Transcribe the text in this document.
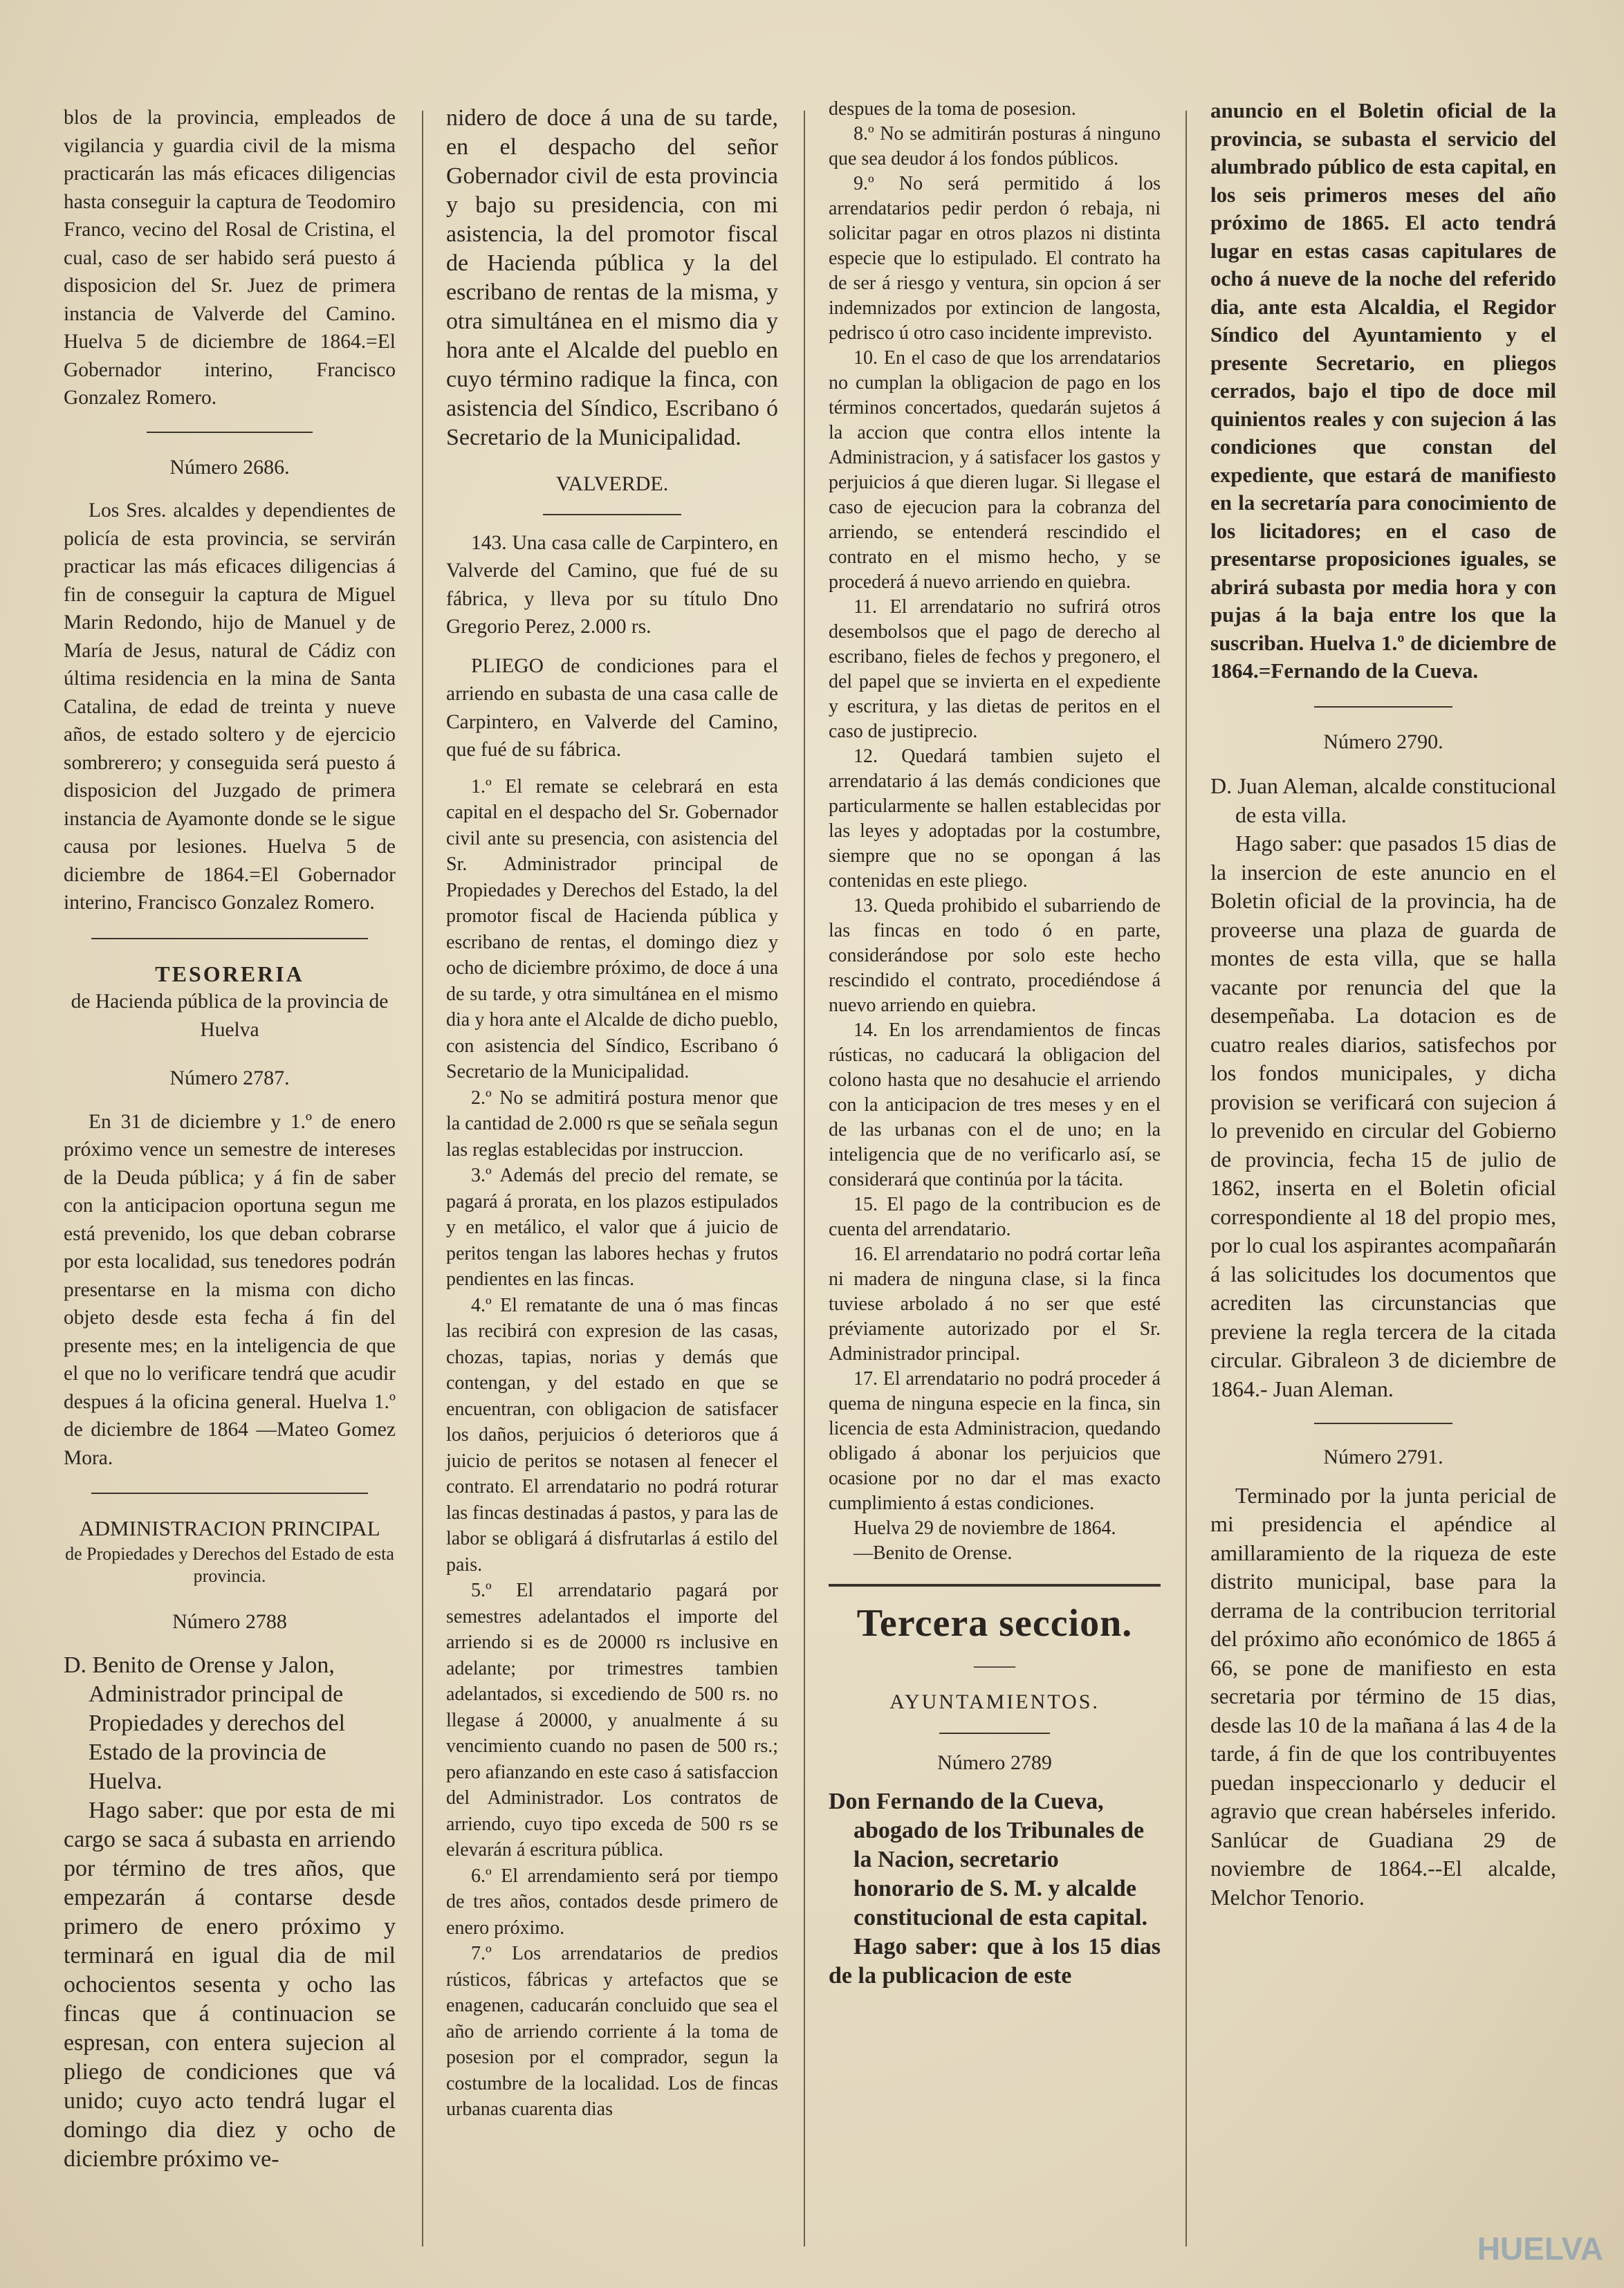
blos de la provincia, empleados de vigilancia y guardia civil de la misma practicarán las más eficaces diligencias hasta conseguir la captura de Teodomiro Franco, vecino del Rosal de Cristina, el cual, caso de ser habido será puesto á disposicion del Sr. Juez de primera instancia de Valverde del Camino. Huelva 5 de diciembre de 1864.=El Gobernador interino, Francisco Gonzalez Romero.

Número 2686.

Los Sres. alcaldes y dependientes de policía de esta provincia, se servirán practicar las más eficaces diligencias á fin de conseguir la captura de Miguel Marin Redondo, hijo de Manuel y de María de Jesus, natural de Cádiz con última residencia en la mina de Santa Catalina, de edad de treinta y nueve años, de estado soltero y de ejercicio sombrerero; y conseguida será puesto á disposicion del Juzgado de primera instancia de Ayamonte donde se le sigue causa por lesiones. Huelva 5 de diciembre de 1864.=El Gobernador interino, Francisco Gonzalez Romero.

TESORERIA
de Hacienda pública de la provincia de Huelva
Número 2787.

En 31 de diciembre y 1.º de enero próximo vence un semestre de intereses de la Deuda pública; y á fin de saber con la anticipacion oportuna segun me está prevenido, los que deban cobrarse por esta localidad, sus tenedores podrán presentarse en la misma con dicho objeto desde esta fecha á fin del presente mes; en la inteligencia de que el que no lo verificare tendrá que acudir despues á la oficina general. Huelva 1.º de diciembre de 1864 —Mateo Gomez Mora.

ADMINISTRACION PRINCIPAL
de Propiedades y Derechos del Estado de esta provincia.
Número 2788

D. Benito de Orense y Jalon, Administrador principal de Propiedades y derechos del Estado de la provincia de Huelva.

Hago saber: que por esta de mi cargo se saca á subasta en arriendo por término de tres años, que empezarán á contarse desde primero de enero próximo y terminará en igual dia de mil ochocientos sesenta y ocho las fincas que á continuacion se espresan, con entera sujecion al pliego de condiciones que vá unido; cuyo acto tendrá lugar el domingo dia diez y ocho de diciembre próximo ve-

nidero de doce á una de su tarde, en el despacho del señor Gobernador civil de esta provincia y bajo su presidencia, con mi asistencia, la del promotor fiscal de Hacienda pública y la del escribano de rentas de la misma, y otra simultánea en el mismo dia y hora ante el Alcalde del pueblo en cuyo término radique la finca, con asistencia del Síndico, Escribano ó Secretario de la Municipalidad.

VALVERDE.

143. Una casa calle de Carpintero, en Valverde del Camino, que fué de su fábrica, y lleva por su título Dno Gregorio Perez, 2.000 rs.

PLIEGO de condiciones para el arriendo en subasta de una casa calle de Carpintero, en Valverde del Camino, que fué de su fábrica.

1.º El remate se celebrará en esta capital en el despacho del Sr. Gobernador civil ante su presencia, con asistencia del Sr. Administrador principal de Propiedades y Derechos del Estado, la del promotor fiscal de Hacienda pública y escribano de rentas, el domingo diez y ocho de diciembre próximo, de doce á una de su tarde, y otra simultánea en el mismo dia y hora ante el Alcalde de dicho pueblo, con asistencia del Síndico, Escribano ó Secretario de la Municipalidad.

2.º No se admitirá postura menor que la cantidad de 2.000 rs que se señala segun las reglas establecidas por instruccion.

3.º Además del precio del remate, se pagará á prorata, en los plazos estipulados y en metálico, el valor que á juicio de peritos tengan las labores hechas y frutos pendientes en las fincas.

4.º El rematante de una ó mas fincas las recibirá con expresion de las casas, chozas, tapias, norias y demás que contengan, y del estado en que se encuentran, con obligacion de satisfacer los daños, perjuicios ó deterioros que á juicio de peritos se notasen al fenecer el contrato. El arrendatario no podrá roturar las fincas destinadas á pastos, y para las de labor se obligará á disfrutarlas á estilo del pais.

5.º El arrendatario pagará por semestres adelantados el importe del arriendo si es de 20000 rs inclusive en adelante; por trimestres tambien adelantados, si excediendo de 500 rs. no llegase á 20000, y anualmente á su vencimiento cuando no pasen de 500 rs.; pero afianzando en este caso á satisfaccion del Administrador. Los contratos de arriendo, cuyo tipo exceda de 500 rs se elevarán á escritura pública.

6.º El arrendamiento será por tiempo de tres años, contados desde primero de enero próximo.

7.º Los arrendatarios de predios rústicos, fábricas y artefactos que se enagenen, caducarán concluido que sea el año de arriendo corriente á la toma de posesion por el comprador, segun la costumbre de la localidad. Los de fincas urbanas cuarenta dias

despues de la toma de posesion.

8.º No se admitirán posturas á ninguno que sea deudor á los fondos públicos.

9.º No será permitido á los arrendatarios pedir perdon ó rebaja, ni solicitar pagar en otros plazos ni distinta especie que lo estipulado. El contrato ha de ser á riesgo y ventura, sin opcion á ser indemnizados por extincion de langosta, pedrisco ú otro caso incidente imprevisto.

10. En el caso de que los arrendatarios no cumplan la obligacion de pago en los términos concertados, quedarán sujetos á la accion que contra ellos intente la Administracion, y á satisfacer los gastos y perjuicios á que dieren lugar. Si llegase el caso de ejecucion para la cobranza del arriendo, se entenderá rescindido el contrato en el mismo hecho, y se procederá á nuevo arriendo en quiebra.

11. El arrendatario no sufrirá otros desembolsos que el pago de derecho al escribano, fieles de fechos y pregonero, el del papel que se invierta en el expediente y escritura, y las dietas de peritos en el caso de justiprecio.

12. Quedará tambien sujeto el arrendatario á las demás condiciones que particularmente se hallen establecidas por las leyes y adoptadas por la costumbre, siempre que no se opongan á las contenidas en este pliego.

13. Queda prohibido el subarriendo de las fincas en todo ó en parte, considerándose por solo este hecho rescindido el contrato, procediéndose á nuevo arriendo en quiebra.

14. En los arrendamientos de fincas rústicas, no caducará la obligacion del colono hasta que no desahucie el arriendo con la anticipacion de tres meses y en el de las urbanas con el de uno; en la inteligencia que de no verificarlo así, se considerará que continúa por la tácita.

15. El pago de la contribucion es de cuenta del arrendatario.

16. El arrendatario no podrá cortar leña ni madera de ninguna clase, si la finca tuviese arbolado á no ser que esté préviamente autorizado por el Sr. Administrador principal.

17. El arrendatario no podrá proceder á quema de ninguna especie en la finca, sin licencia de esta Administracion, quedando obligado á abonar los perjuicios que ocasione por no dar el mas exacto cumplimiento á estas condiciones.

Huelva 29 de noviembre de 1864.

—Benito de Orense.

Tercera seccion.
——
AYUNTAMIENTOS.
Número 2789

Don Fernando de la Cueva, abogado de los Tribunales de la Nacion, secretario honorario de S. M. y alcalde constitucional de esta capital.

Hago saber: que à los 15 dias de la publicacion de este

anuncio en el Boletin oficial de la provincia, se subasta el servicio del alumbrado público de esta capital, en los seis primeros meses del año próximo de 1865. El acto tendrá lugar en estas casas capitulares de ocho á nueve de la noche del referido dia, ante esta Alcaldia, el Regidor Síndico del Ayuntamiento y el presente Secretario, en pliegos cerrados, bajo el tipo de doce mil quinientos reales y con sujecion á las condiciones que constan del expediente, que estará de manifiesto en la secretaría para conocimiento de los licitadores; en el caso de presentarse proposiciones iguales, se abrirá subasta por media hora y con pujas á la baja entre los que la suscriban. Huelva 1.º de diciembre de 1864.=Fernando de la Cueva.

Número 2790.

D. Juan Aleman, alcalde constitucional de esta villa.

Hago saber: que pasados 15 dias de la insercion de este anuncio en el Boletin oficial de la provincia, ha de proveerse una plaza de guarda de montes de esta villa, que se halla vacante por renuncia del que la desempeñaba. La dotacion es de cuatro reales diarios, satisfechos por los fondos municipales, y dicha provision se verificará con sujecion á lo prevenido en circular del Gobierno de provincia, fecha 15 de julio de 1862, inserta en el Boletin oficial correspondiente al 18 del propio mes, por lo cual los aspirantes acompañarán á las solicitudes los documentos que acrediten las circunstancias que previene la regla tercera de la citada circular. Gibraleon 3 de diciembre de 1864.- Juan Aleman.

Número 2791.

Terminado por la junta pericial de mi presidencia el apéndice al amillaramiento de la riqueza de este distrito municipal, base para la derrama de la contribucion territorial del próximo año económico de 1865 á 66, se pone de manifiesto en esta secretaria por término de 15 dias, desde las 10 de la mañana á las 4 de la tarde, á fin de que los contribuyentes puedan inspeccionarlo y deducir el agravio que crean habérseles inferido. Sanlúcar de Guadiana 29 de noviembre de 1864.--El alcalde, Melchor Tenorio.

HUELVA
